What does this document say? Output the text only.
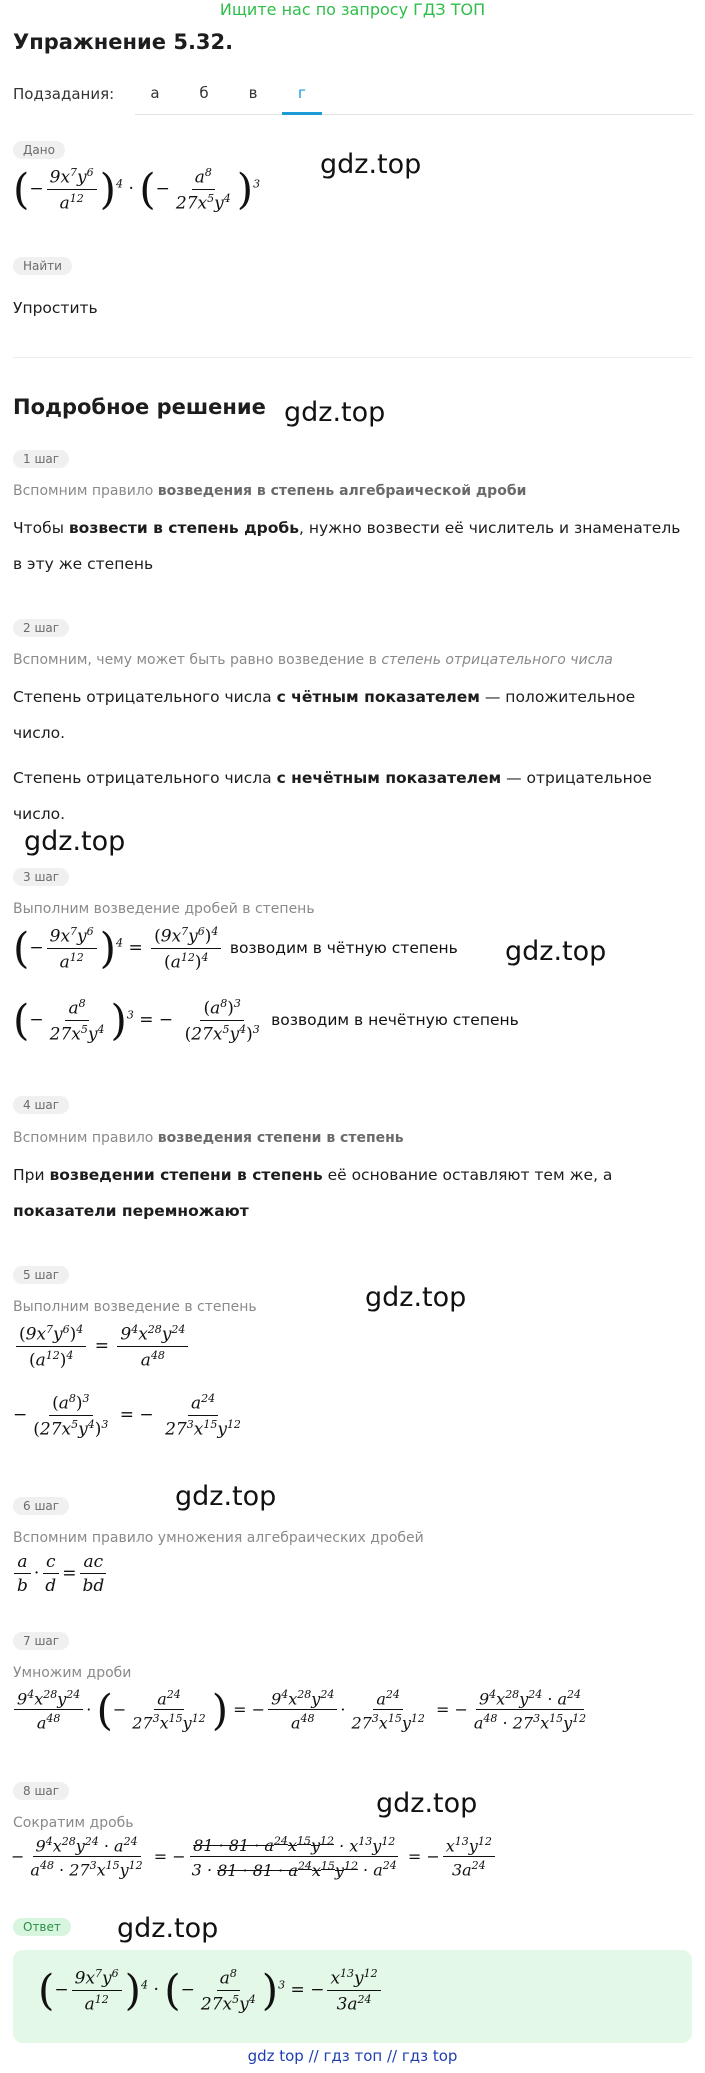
Ищите нас по запросу ГДЗ ТОП
Упражнение 5.32.
Подзадания:	а	б	в	г
Дано
(− $\frac{9x^7y^6}{a^{12}} )^4$ · (− $\frac{a^8}{27x^5y^4} )^3$
gdz.top
Найти
Упростить
Подробное решение gdz.top
1 шаг
Вспомним правило возведения в степень алгебраической дроби
Чтобы возвести в степень дробь, нужно возвести её числитель и знаменатель
в эту же степень
2 шаг
Вспомним, чему может быть равно возведение в степень отрицательного числа
Степень отрицательного числа с чётным показателем — положительное
число.
Степень отрицательного числа с нечётным показателем — отрицательное
число.
gdz.top
3 шаг
Выполним возведение дробей в степень
(− $\frac{9x^7y^6}{a^{12}} )^4 = \frac{(9x^7y^6)^4}{(a^{12})^4}$ возводим в чётную степень gdz.top
(− $\frac{a^8}{27x^5y^4} )^3$ = − $\frac{(a^8)^3}{(27x^5y^4)^3}$ возводим в нечётную степень
4 шаг
Вспомним правило возведения степени в степень
При возведении степени в степень её основание оставляют тем же, а
показатели перемножают
5 шаг
gdz.top
Выполним возведение в степень
$\frac{(9x^7y^6)^4}{(a^{12})^4} = \frac{9^4x^{28}y^{24}}{a^{48}}$
− $\frac{(a^8)^3}{(27x^5y^4)^3}$ = − $\frac{a^{24}}{27^3x^{15}y^{12}}$
6 шаг	gdz.top
Вспомним правило умножения алгебраических дробей
$\frac{a}{b} \cdot \frac{c}{d} = \frac{ac}{bd}$
7 шаг
Умножим дроби
$\frac{9^4x^{28}y^{24}}{a^{48}}$ · (− $\frac{a^{24}}{27^3x^{15}y^{12}}$ ) = − $\frac{9^4x^{28}y^{24}}{a^{48}} \cdot \frac{a^{24}}{27^3x^{15}y^{12}}$ = − $\frac{9^4x^{28}y^{24} \cdot a^{24}}{a^{48} \cdot 27^3x^{15}y^{12}}$
8 шаг	gdz.top
Сократим дробь
− $\frac{9^4x^{28}y^{24} \cdot a^{24}}{a^{48} \cdot 27^3x^{15}y^{12}}$ = − $\frac{81 \cdot 81 \cdot a^{24}x^{15}y^{12} \cdot x^{13}y^{12}}{3 \cdot 81 \cdot 81 \cdot a^{24}x^{15}y^{12} \cdot a^{24}}$ = − $\frac{x^{13}y^{12}}{3a^{24}}$
Ответ	gdz.top
(− $\frac{9x^7y^6}{a^{12}} )^4$ · (− $\frac{a^8}{27x^5y^4} )^3$ = − $\frac{x^{13}y^{12}}{3a^{24}}$
gdz top // гдз топ // гдз top
